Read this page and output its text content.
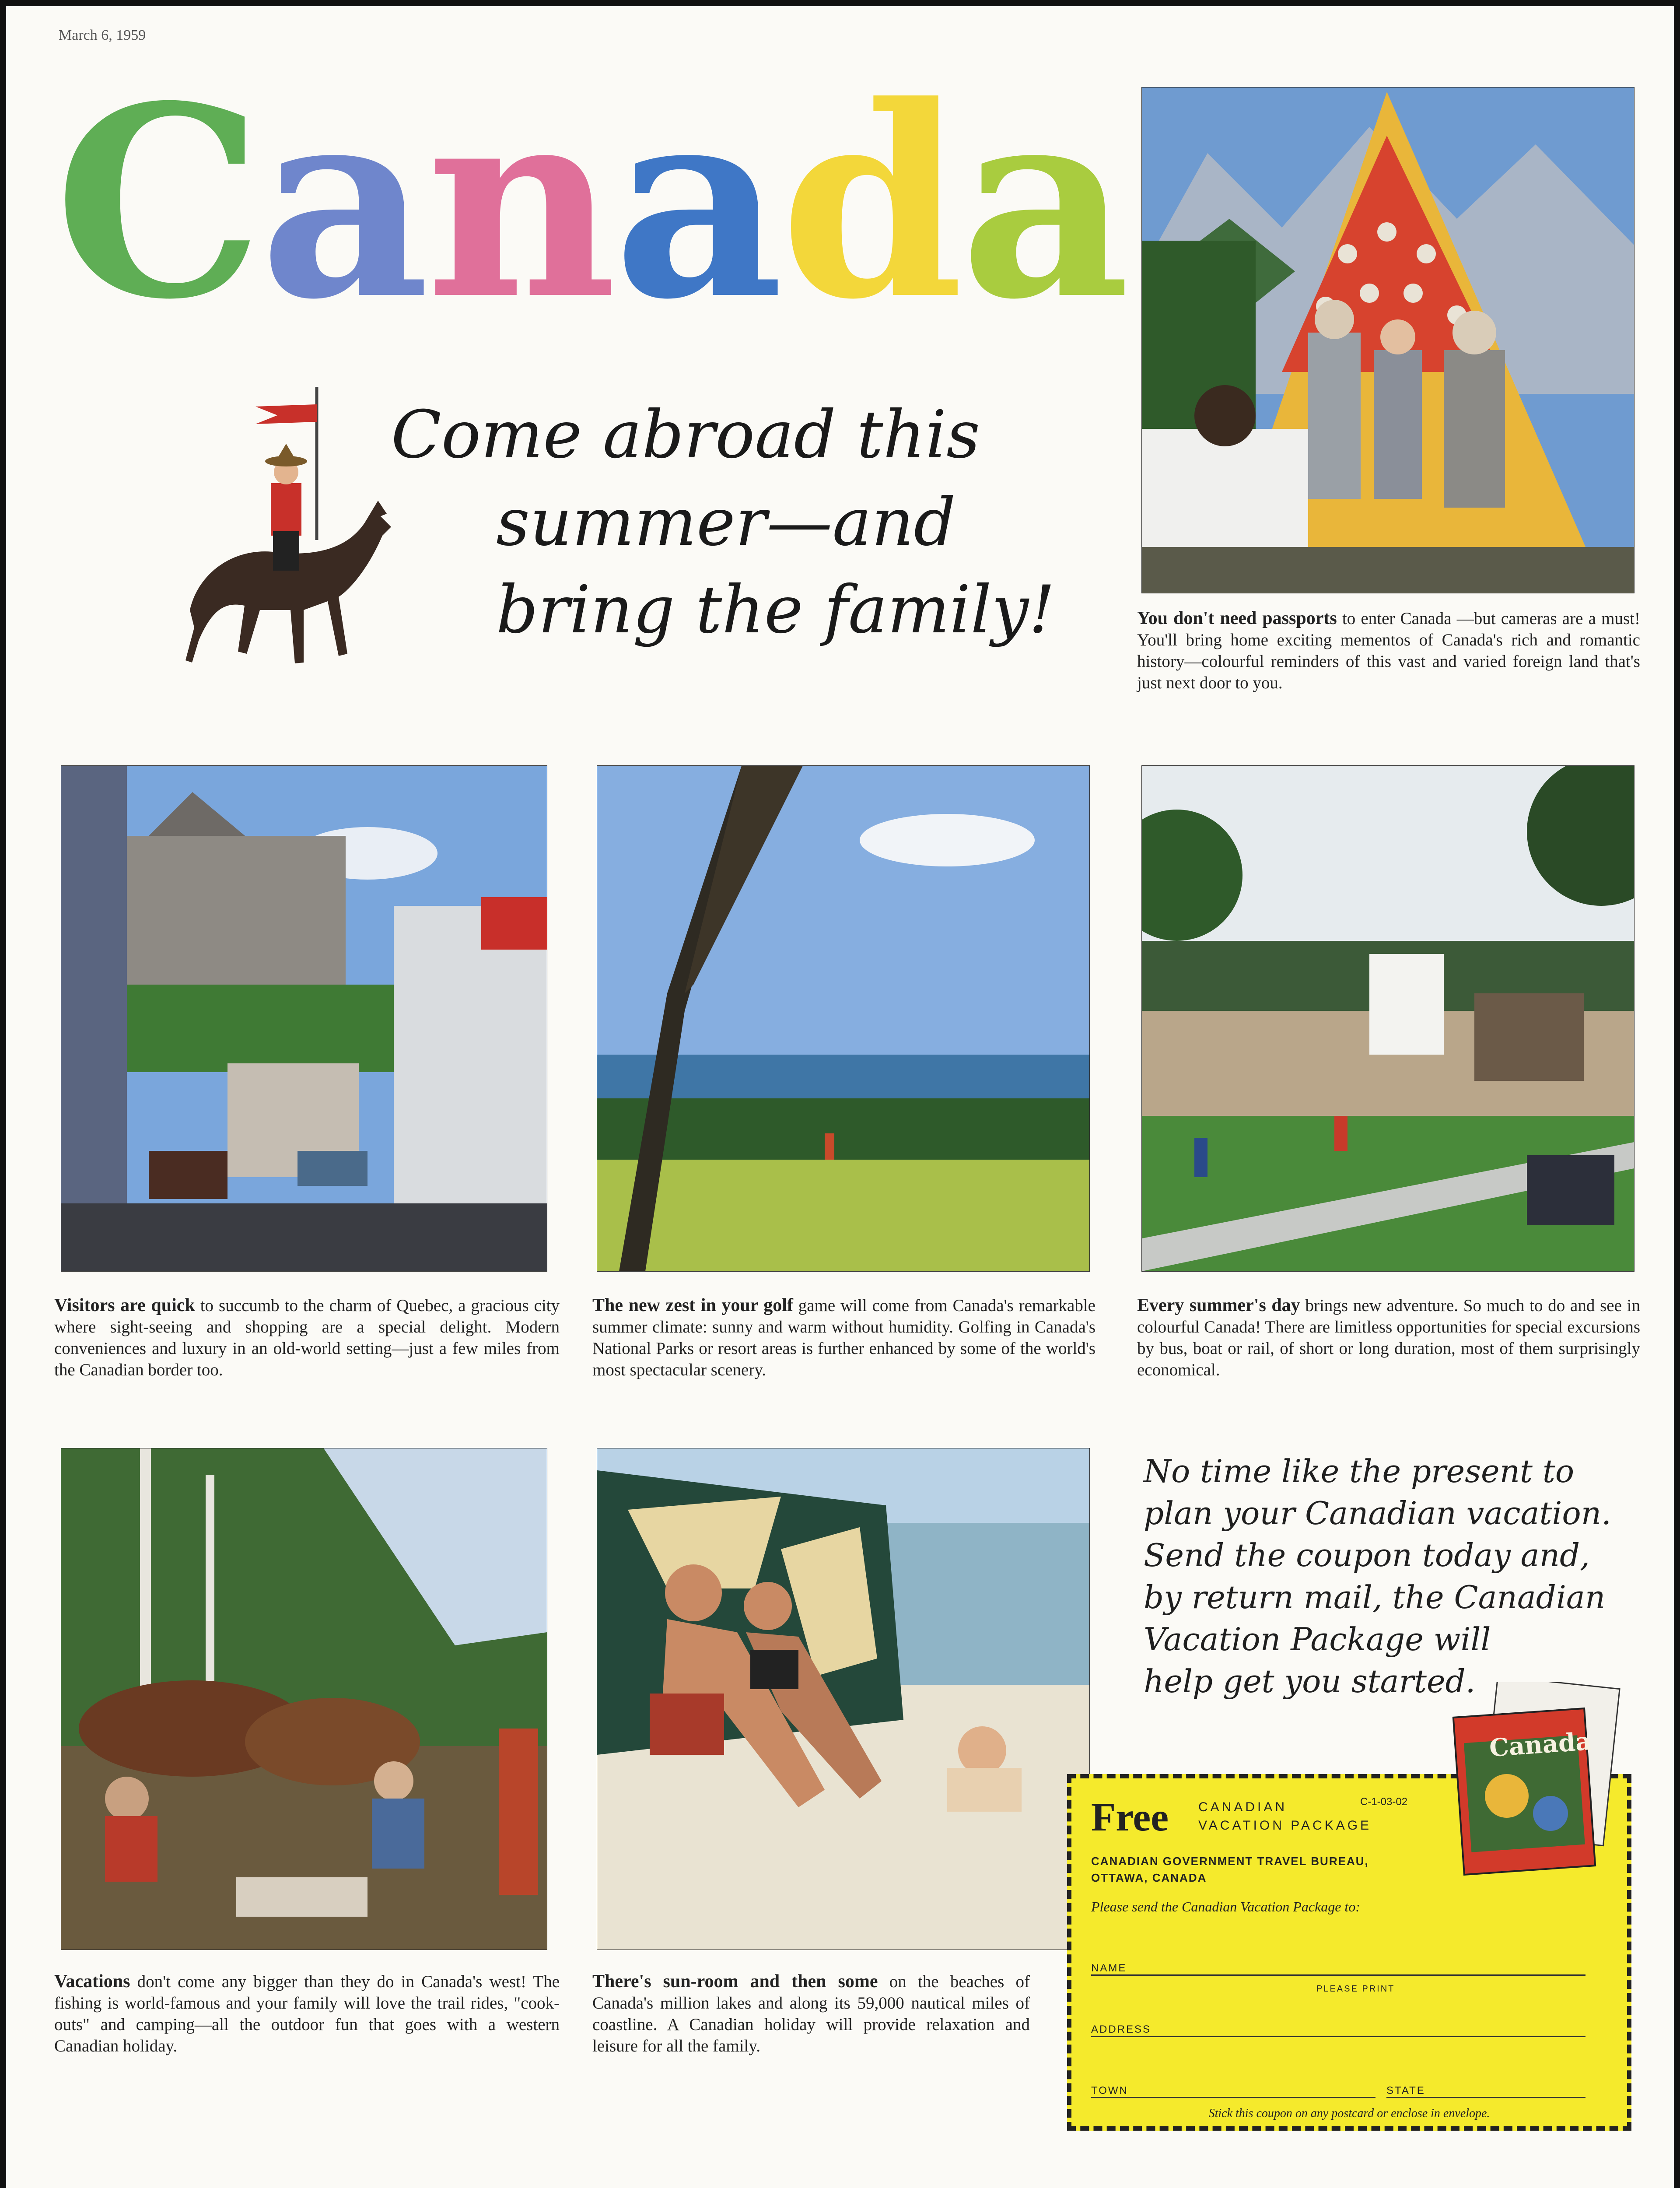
March 6, 1959
Canada
Come abroad this
summer—and
bring the family!	You don't need passports to enter Canada —but cameras are a must! You'll bring home exciting mementos of Canada's rich and romantic history—colourful reminders of this vast and varied foreign land that's just next door to you.
Visitors are quick to succumb to the charm of Quebec, a gracious city where sight-seeing and shopping are a special delight. Modern conveniences and luxury in an old-world setting—just a few miles from the Canadian border too.
The new zest in your golf game will come from Canada's remarkable summer climate: sunny and warm without humidity. Golfing in Canada's National Parks or resort areas is further enhanced by some of the world's most spectacular scenery.
Every summer's day brings new adventure. So much to do and see in colourful Canada! There are limitless opportunities for special excursions by bus, boat or rail, of short or long duration, most of them surprisingly economical.
Vacations don't come any bigger than they do in Canada's west! The fishing is world-famous and your family will love the trail rides, "cook-outs" and camping—all the outdoor fun that goes with a western Canadian holiday.
There's sun-room and then some on the beaches of Canada's million lakes and along its 59,000 nautical miles of coastline. A Canadian holiday will provide relaxation and leisure for all the family.
No time like the present to
plan your Canadian vacation.
Send the coupon today and,
by return mail, the Canadian
Vacation Package will
help get you started.
Free CANADIAN
VACATION PACKAGE
C-1-03-02
CANADIAN GOVERNMENT TRAVEL BUREAU,
OTTAWA, CANADA
Please send the Canadian Vacation Package to:
NAME
PLEASE PRINT
ADDRESS
TOWN	STATE
Stick this coupon on any postcard or enclose in envelope.
Canada
